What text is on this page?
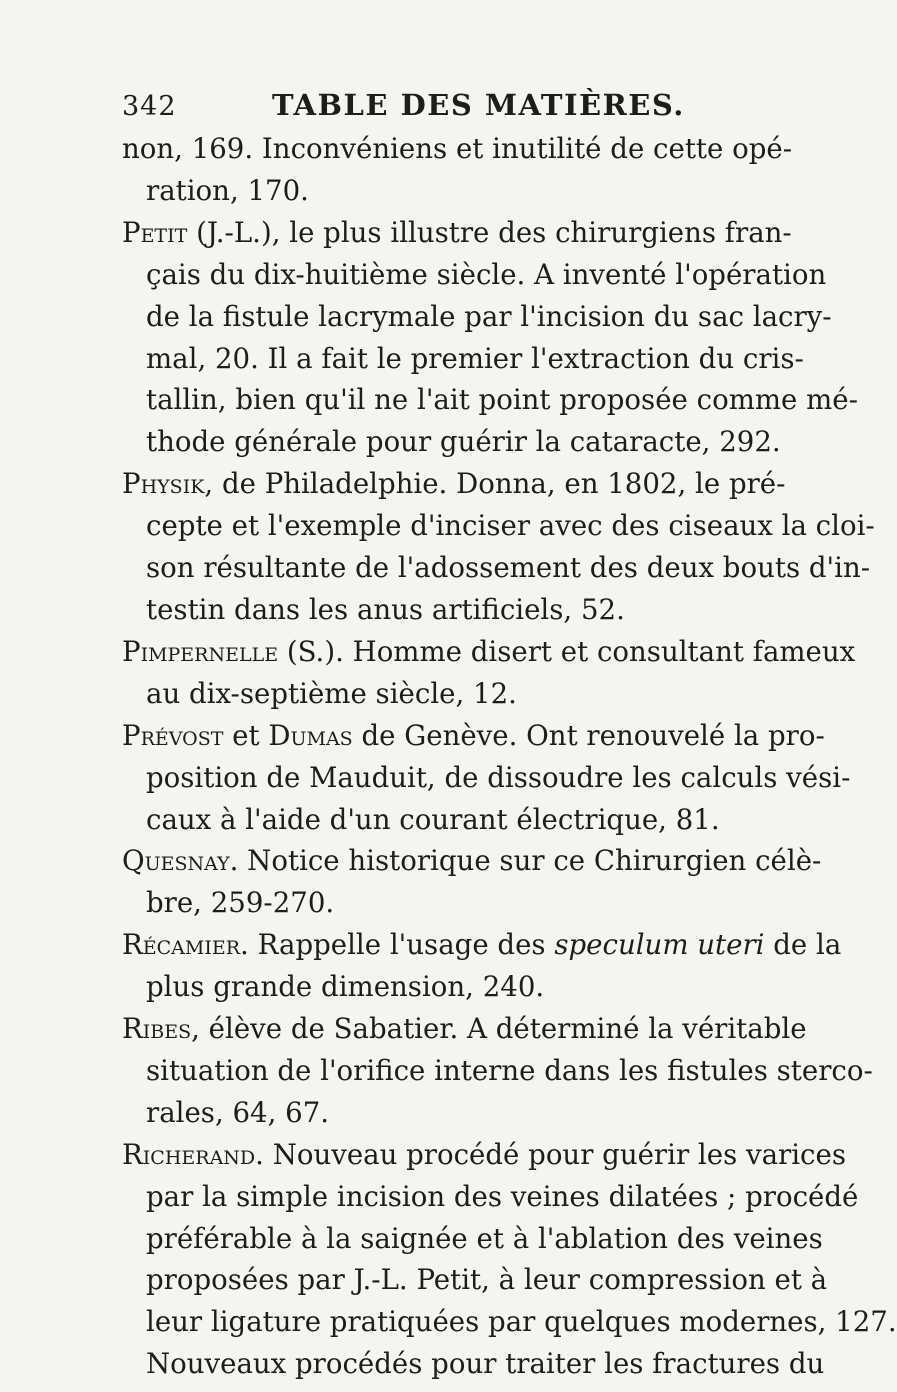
342	TABLE DES MATIÈRES.

non, 169. Inconvéniens et inutilité de cette opé-
ration, 170.

Petit (J.-L.), le plus illustre des chirurgiens fran-
çais du dix-huitième siècle. A inventé l'opération
de la fistule lacrymale par l'incision du sac lacry-
mal, 20. Il a fait le premier l'extraction du cris-
tallin, bien qu'il ne l'ait point proposée comme mé-
thode générale pour guérir la cataracte, 292.

Physik, de Philadelphie. Donna, en 1802, le pré-
cepte et l'exemple d'inciser avec des ciseaux la cloi-
son résultante de l'adossement des deux bouts d'in-
testin dans les anus artificiels, 52.

Pimpernelle (S.). Homme disert et consultant fameux
au dix-septième siècle, 12.

Prévost et Dumas de Genève. Ont renouvelé la pro-
position de Mauduit, de dissoudre les calculs vési-
caux à l'aide d'un courant électrique, 81.

Quesnay. Notice historique sur ce Chirurgien célè-
bre, 259-270.

Récamier. Rappelle l'usage des speculum uteri de la
plus grande dimension, 240.

Ribes, élève de Sabatier. A déterminé la véritable
situation de l'orifice interne dans les fistules sterco-
rales, 64, 67.

Richerand. Nouveau procédé pour guérir les varices
par la simple incision des veines dilatées ; procédé
préférable à la saignée et à l'ablation des veines
proposées par J.-L. Petit, à leur compression et à
leur ligature pratiquées par quelques modernes, 127.
Nouveaux procédés pour traiter les fractures du
